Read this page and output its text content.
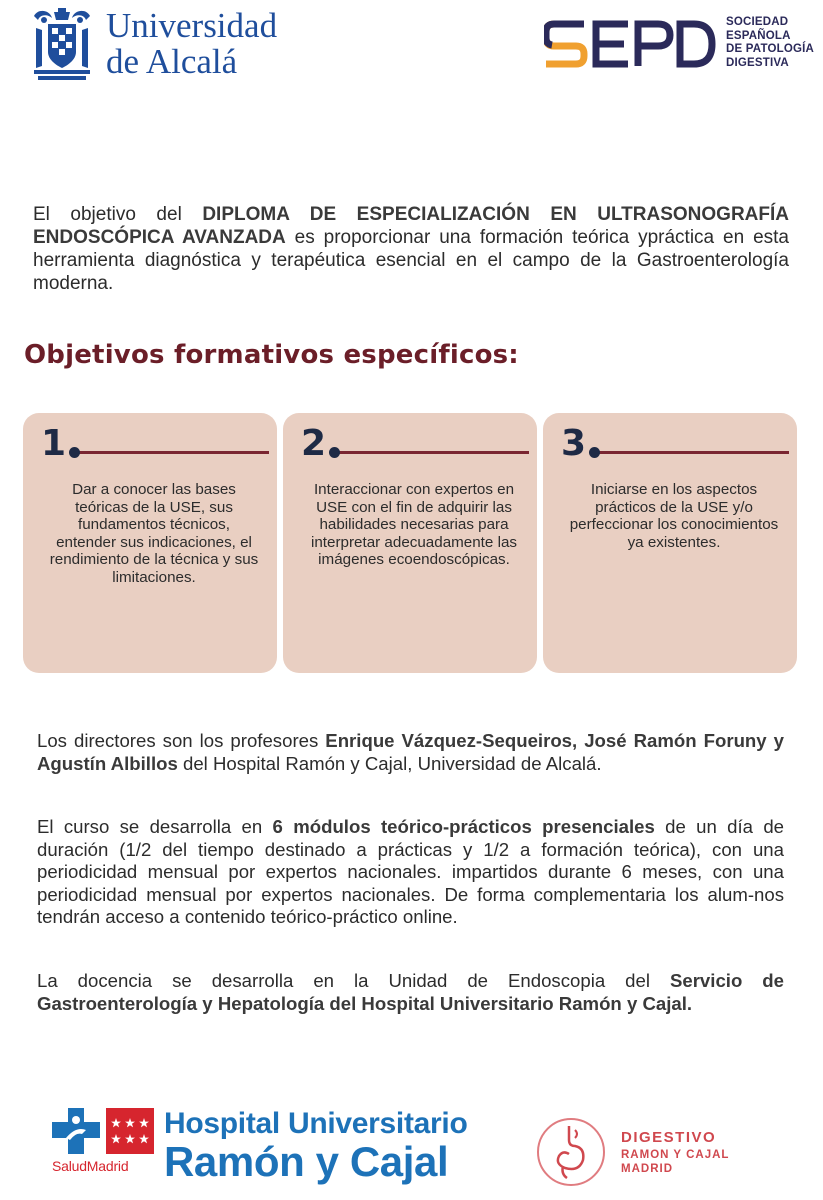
Universidad
de Alcalá
SOCIEDAD
ESPAÑOLA
DE PATOLOGÍA
DIGESTIVA

El objetivo del DIPLOMA DE ESPECIALIZACIÓN EN ULTRASONOGRAFÍA ENDOSCÓPICA AVANZADA es proporcionar una formación teórica ypráctica en esta herramienta diagnóstica y terapéutica esencial en el campo de la Gastroenterología moderna.

Objetivos formativos específicos:
1

Dar a conocer las bases teóricas de la USE, sus fundamentos técnicos, entender sus indicaciones, el rendimiento de la técnica y sus limitaciones.

2

Interaccionar con expertos en USE con el fin de adquirir las habilidades necesarias para interpretar adecuadamente las imágenes ecoendoscópicas.

3

Iniciarse en los aspectos prácticos de la USE y/o perfeccionar los conocimientos ya existentes.

Los directores son los profesores Enrique Vázquez-Sequeiros, José Ramón Foruny y Agustín Albillos del Hospital Ramón y Cajal, Universidad de Alcalá.

El curso se desarrolla en 6 módulos teórico-prácticos presenciales de un día de duración (1/2 del tiempo destinado a prácticas y 1/2 a formación teórica), con una periodicidad mensual por expertos nacionales. impartidos durante 6 meses, con una periodicidad mensual por expertos nacionales. De forma complementaria los alum-nos tendrán acceso a contenido teórico-práctico online.

La docencia se desarrolla en la Unidad de Endoscopia del Servicio de Gastroenterología y Hepatología del Hospital Universitario Ramón y Cajal.

SaludMadrid
Hospital Universitario
Ramón y Cajal
DIGESTIVO
RAMON Y CAJAL
MADRID
